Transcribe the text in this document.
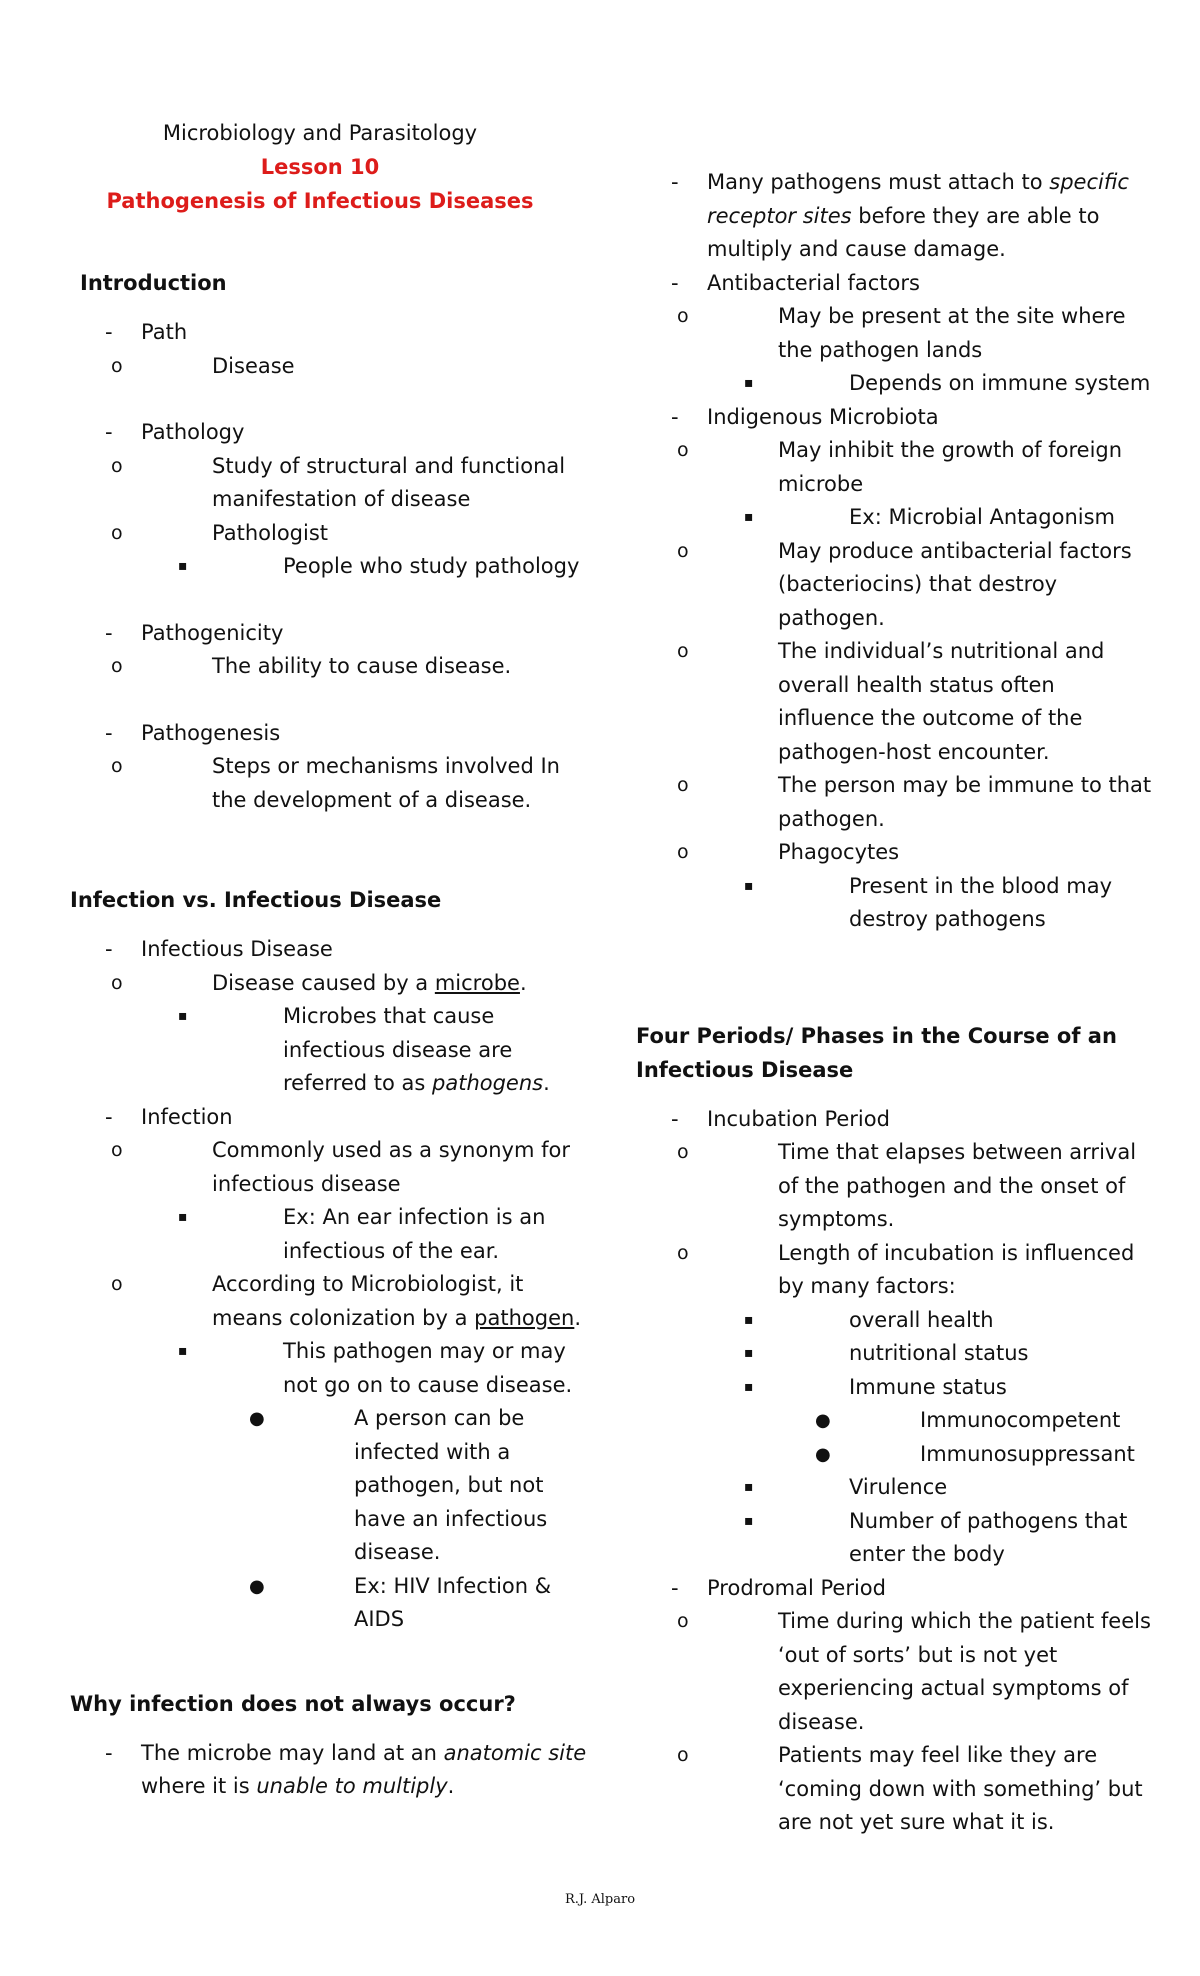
Microbiology and Parasitology
Lesson 10
Pathogenesis of Infectious Diseases
Introduction
- Path
o	Disease
- Pathology
o	Study of structural and functional manifestation of disease
o	Pathologist
▪	People who study pathology
- Pathogenicity
o	The ability to cause disease.
- Pathogenesis
o	Steps or mechanisms involved In the development of a disease.
Infection vs. Infectious Disease
- Infectious Disease
o	Disease caused by a microbe.
▪	Microbes that cause infectious disease are referred to as pathogens.
- Infection
o	Commonly used as a synonym for infectious disease
▪	Ex: An ear infection is an infectious of the ear.
o	According to Microbiologist, it means colonization by a pathogen.
▪	This pathogen may or may not go on to cause disease.
●	A person can be infected with a pathogen, but not have an infectious disease.
●	Ex: HIV Infection & AIDS
Why infection does not always occur?
- The microbe may land at an anatomic site where it is unable to multiply.
- Many pathogens must attach to specific receptor sites before they are able to multiply and cause damage.
- Antibacterial factors
o	May be present at the site where the pathogen lands
▪	Depends on immune system
- Indigenous Microbiota
o	May inhibit the growth of foreign microbe
▪	Ex: Microbial Antagonism
o	May produce antibacterial factors (bacteriocins) that destroy pathogen.
o	The individual’s nutritional and overall health status often influence the outcome of the pathogen-host encounter.
o	The person may be immune to that pathogen.
o	Phagocytes
▪	Present in the blood may destroy pathogens
Four Periods/ Phases in the Course of an Infectious Disease
- Incubation Period
o	Time that elapses between arrival of the pathogen and the onset of symptoms.
o	Length of incubation is influenced by many factors:
▪	overall health
▪	nutritional status
▪	Immune status
●	Immunocompetent
●	Immunosuppressant
▪	Virulence
▪	Number of pathogens that enter the body
- Prodromal Period
o	Time during which the patient feels ‘out of sorts’ but is not yet experiencing actual symptoms of disease.
o	Patients may feel like they are ‘coming down with something’ but are not yet sure what it is.
R.J. Alparo
